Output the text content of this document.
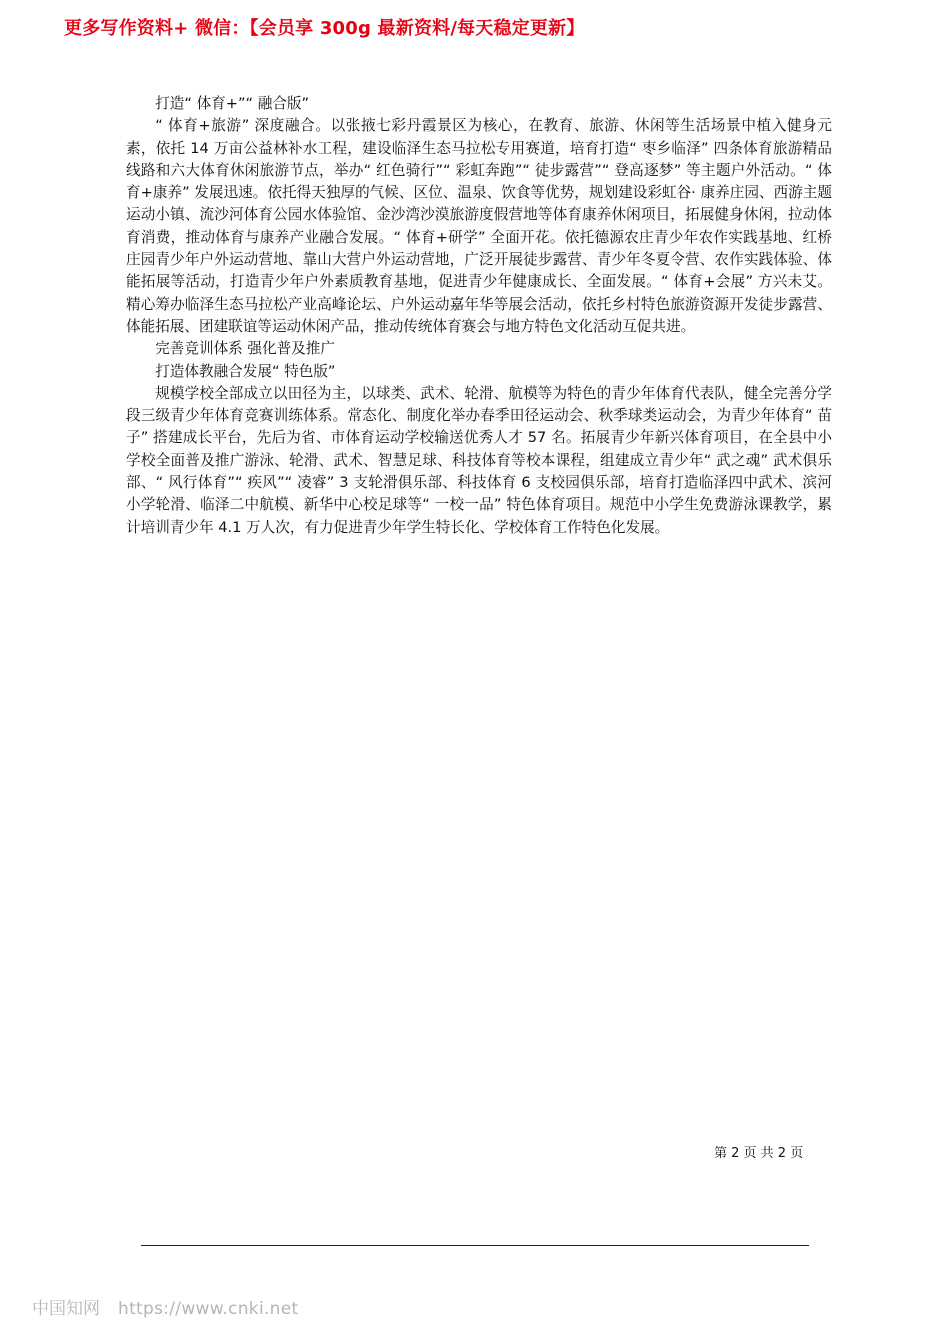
更多写作资料+ 微信：【会员享 300g 最新资料/每天稳定更新】

打造“ 体育+”“ 融合版”

“ 体育+旅游” 深度融合。以张掖七彩丹霞景区为核心，在教育、旅游、休闲等生活场景中植入健身元素，依托 14 万亩公益林补水工程，建设临泽生态马拉松专用赛道，培育打造“ 枣乡临泽” 四条体育旅游精品线路和六大体育休闲旅游节点，举办“ 红色骑行”“ 彩虹奔跑”“ 徒步露营”“ 登高逐梦” 等主题户外活动。“ 体育+康养” 发展迅速。依托得天独厚的气候、区位、温泉、饮食等优势，规划建设彩虹谷· 康养庄园、西游主题运动小镇、流沙河体育公园水体验馆、金沙湾沙漠旅游度假营地等体育康养休闲项目，拓展健身休闲，拉动体育消费，推动体育与康养产业融合发展。“ 体育+研学” 全面开花。依托德源农庄青少年农作实践基地、红桥庄园青少年户外运动营地、靠山大营户外运动营地，广泛开展徒步露营、青少年冬夏令营、农作实践体验、体能拓展等活动，打造青少年户外素质教育基地，促进青少年健康成长、全面发展。“ 体育+会展” 方兴未艾。精心筹办临泽生态马拉松产业高峰论坛、户外运动嘉年华等展会活动，依托乡村特色旅游资源开发徒步露营、体能拓展、团建联谊等运动休闲产品，推动传统体育赛会与地方特色文化活动互促共进。

完善竞训体系 强化普及推广

打造体教融合发展“ 特色版”

规模学校全部成立以田径为主，以球类、武术、轮滑、航模等为特色的青少年体育代表队，健全完善分学段三级青少年体育竞赛训练体系。常态化、制度化举办春季田径运动会、秋季球类运动会，为青少年体育“ 苗子” 搭建成长平台，先后为省、市体育运动学校输送优秀人才 57 名。拓展青少年新兴体育项目，在全县中小学校全面普及推广游泳、轮滑、武术、智慧足球、科技体育等校本课程，组建成立青少年“ 武之魂” 武术俱乐部、“ 风行体育”“ 疾风”“ 凌睿” 3 支轮滑俱乐部、科技体育 6 支校园俱乐部，培育打造临泽四中武术、滨河小学轮滑、临泽二中航模、新华中心校足球等“ 一校一品” 特色体育项目。规范中小学生免费游泳课教学，累计培训青少年 4.1 万人次，有力促进青少年学生特长化、学校体育工作特色化发展。

第 2 页 共 2 页
中国知网 https://www.cnki.net
